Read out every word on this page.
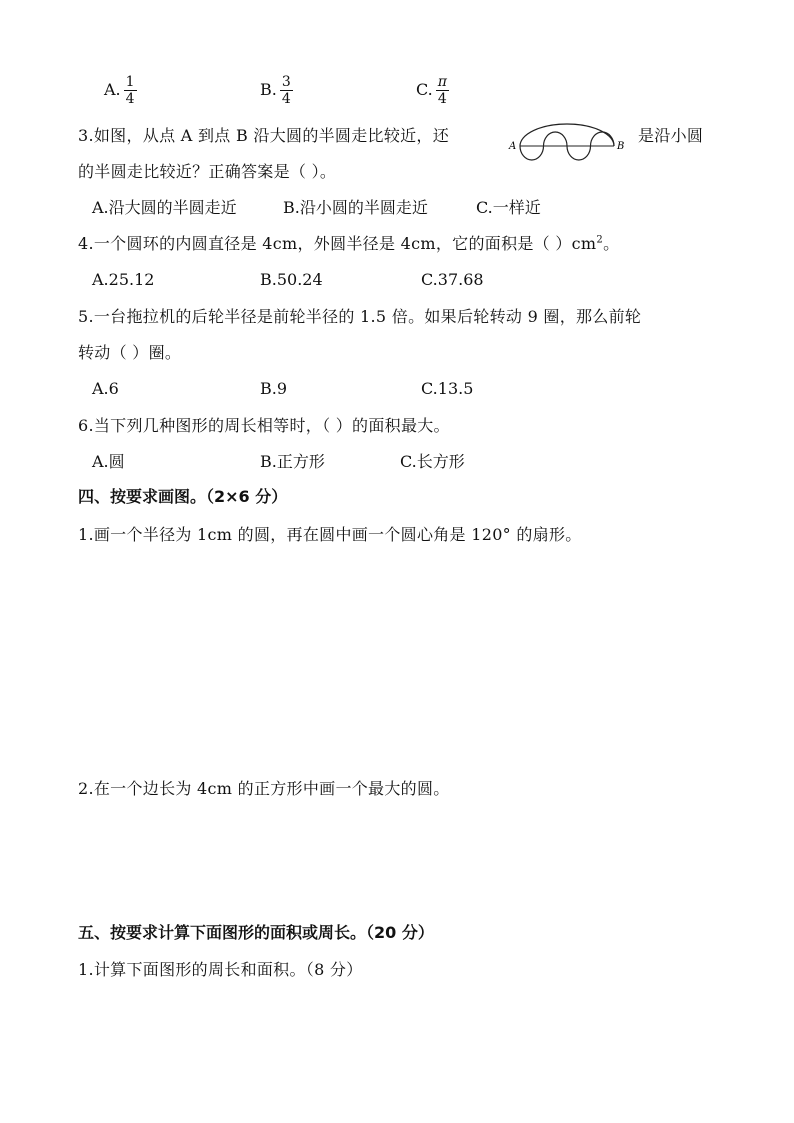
A. $\frac{1}{4}$	B. $\frac{3}{4}$	C. $\frac{\pi}{4}$
3.如图，从点 A 到点 B 沿大圆的半圆走比较近，还	是沿小圆
A	B
的半圆走比较近？正确答案是（ ）。
A.沿大圆的半圆走近	B.沿小圆的半圆走近	C.一样近
4.一个圆环的内圆直径是 4cm，外圆半径是 4cm，它的面积是（ ）$cm^2$。
A.25.12	B.50.24	C.37.68
5.一台拖拉机的后轮半径是前轮半径的 1.5 倍。如果后轮转动 9 圈，那么前轮
转动（ ）圈。
A.6	B.9	C.13.5
6.当下列几种图形的周长相等时，（ ）的面积最大。
A.圆	B.正方形	C.长方形
四、按要求画图。（2×6 分）
1.画一个半径为 1cm 的圆，再在圆中画一个圆心角是 120° 的扇形。
2.在一个边长为 4cm 的正方形中画一个最大的圆。
五、按要求计算下面图形的面积或周长。（20 分）
1.计算下面图形的周长和面积。（8 分）
